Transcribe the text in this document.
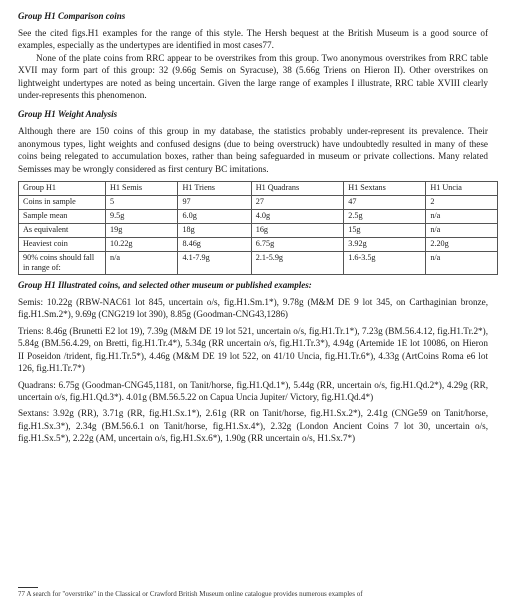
Group H1 Comparison coins

See the cited figs.H1 examples for the range of this style. The Hersh bequest at the British Museum is a good source of examples, especially as the undertypes are identified in most cases77.

None of the plate coins from RRC appear to be overstrikes from this group. Two anonymous overstrikes from RRC table XVII may form part of this group: 32 (9.66g Semis on Syracuse), 38 (5.66g Triens on Hieron II). Other overstrikes on lightweight undertypes are noted as being uncertain. Given the large range of examples I illustrate, RRC table XVIII clearly under-represents this phenomenon.

Group H1 Weight Analysis

Although there are 150 coins of this group in my database, the statistics probably under-represent its prevalence. Their anonymous types, light weights and confused designs (due to being overstruck) have undoubtedly resulted in many of these coins being relegated to accumulation boxes, rather than being safeguarded in museum or private collections. Many related Semisses may be wrongly considered as first century BC imitations.

Group H1	H1 Semis	H1 Triens	H1 Quadrans	H1 Sextans	H1 Uncia
Coins in sample	5	97	27	47	2
Sample mean	9.5g	6.0g	4.0g	2.5g	n/a
As equivalent	19g	18g	16g	15g	n/a
Heaviest coin	10.22g	8.46g	6.75g	3.92g	2.20g
90% coins should fall in range of:	n/a	4.1-7.9g	2.1-5.9g	1.6-3.5g	n/a
Group H1 Illustrated coins, and selected other museum or published examples:

Semis: 10.22g (RBW-NAC61 lot 845, uncertain o/s, fig.H1.Sm.1*), 9.78g (M&M DE 9 lot 345, on Carthaginian bronze, fig.H1.Sm.2*), 9.69g (CNG219 lot 390), 8.85g (Goodman-CNG43,1286)

Triens: 8.46g (Brunetti E2 lot 19), 7.39g (M&M DE 19 lot 521, uncertain o/s, fig.H1.Tr.1*), 7.23g (BM.56.4.12, fig.H1.Tr.2*), 5.84g (BM.56.4.29, on Bretti, fig.H1.Tr.4*), 5.34g (RR uncertain o/s, fig.H1.Tr.3*), 4.94g (Artemide 1E lot 10086, on Hieron II Poseidon /trident, fig.H1.Tr.5*), 4.46g (M&M DE 19 lot 522, on 41/10 Uncia, fig.H1.Tr.6*), 4.33g (ArtCoins Roma e6 lot 126, fig.H1.Tr.7*)

Quadrans: 6.75g (Goodman-CNG45,1181, on Tanit/horse, fig.H1.Qd.1*), 5.44g (RR, uncertain o/s, fig.H1.Qd.2*), 4.29g (RR, uncertain o/s, fig.H1.Qd.3*). 4.01g (BM.56.5.22 on Capua Uncia Jupiter/ Victory, fig.H1.Qd.4*)

Sextans: 3.92g (RR), 3.71g (RR, fig.H1.Sx.1*), 2.61g (RR on Tanit/horse, fig.H1.Sx.2*), 2.41g (CNGe59 on Tanit/horse, fig.H1.Sx.3*), 2.34g (BM.56.6.1 on Tanit/horse, fig.H1.Sx.4*), 2.32g (London Ancient Coins 7 lot 30, uncertain o/s, fig.H1.Sx.5*), 2.22g (AM, uncertain o/s, fig.H1.Sx.6*), 1.90g (RR uncertain o/s, H1.Sx.7*)

77 A search for "overstrike" in the Classical or Crawford British Museum online catalogue provides numerous examples of
